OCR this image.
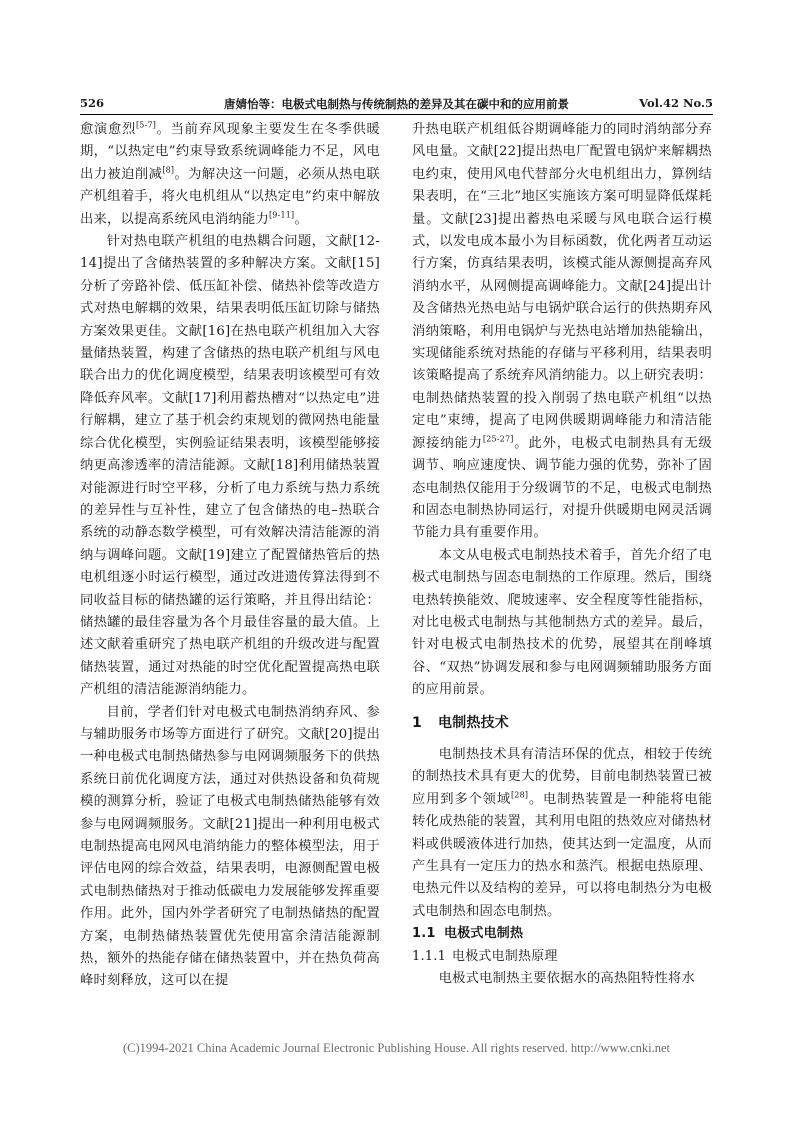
526	唐婧怡等：电极式电制热与传统制热的差异及其在碳中和的应用前景	Vol.42 No.5

愈演愈烈[5-7]。当前弃风现象主要发生在冬季供暖期，“以热定电”约束导致系统调峰能力不足，风电出力被迫削减[8]。为解决这一问题，必须从热电联产机组着手，将火电机组从“以热定电”约束中解放出来，以提高系统风电消纳能力[9-11]。

针对热电联产机组的电热耦合问题，文献[12-14]提出了含储热装置的多种解决方案。文献[15]分析了旁路补偿、低压缸补偿、储热补偿等改造方式对热电解耦的效果，结果表明低压缸切除与储热方案效果更佳。文献[16]在热电联产机组加入大容量储热装置，构建了含储热的热电联产机组与风电联合出力的优化调度模型，结果表明该模型可有效降低弃风率。文献[17]利用蓄热槽对“以热定电”进行解耦，建立了基于机会约束规划的微网热电能量综合优化模型，实例验证结果表明，该模型能够接纳更高渗透率的清洁能源。文献[18]利用储热装置对能源进行时空平移，分析了电力系统与热力系统的差异性与互补性，建立了包含储热的电–热联合系统的动静态数学模型，可有效解决清洁能源的消纳与调峰问题。文献[19]建立了配置储热管后的热电机组逐小时运行模型，通过改进遗传算法得到不同收益目标的储热罐的运行策略，并且得出结论：储热罐的最佳容量为各个月最佳容量的最大值。上述文献着重研究了热电联产机组的升级改进与配置储热装置，通过对热能的时空优化配置提高热电联产机组的清洁能源消纳能力。

目前，学者们针对电极式电制热消纳弃风、参与辅助服务市场等方面进行了研究。文献[20]提出一种电极式电制热储热参与电网调频服务下的供热系统日前优化调度方法，通过对供热设备和负荷规模的测算分析，验证了电极式电制热储热能够有效参与电网调频服务。文献[21]提出一种利用电极式电制热提高电网风电消纳能力的整体模型法，用于评估电网的综合效益，结果表明，电源侧配置电极式电制热储热对于推动低碳电力发展能够发挥重要作用。此外，国内外学者研究了电制热储热的配置方案，电制热储热装置优先使用富余清洁能源制热，额外的热能存储在储热装置中，并在热负荷高峰时刻释放，这可以在提

升热电联产机组低谷期调峰能力的同时消纳部分弃风电量。文献[22]提出热电厂配置电锅炉来解耦热电约束，使用风电代替部分火电机组出力，算例结果表明，在“三北”地区实施该方案可明显降低煤耗量。文献[23]提出蓄热电采暖与风电联合运行模式，以发电成本最小为目标函数，优化两者互动运行方案，仿真结果表明，该模式能从源侧提高弃风消纳水平，从网侧提高调峰能力。文献[24]提出计及含储热光热电站与电锅炉联合运行的供热期弃风消纳策略，利用电锅炉与光热电站增加热能输出，实现储能系统对热能的存储与平移利用，结果表明该策略提高了系统弃风消纳能力。以上研究表明：电制热储热装置的投入削弱了热电联产机组“以热定电”束缚，提高了电网供暖期调峰能力和清洁能源接纳能力[25-27]。此外，电极式电制热具有无级调节、响应速度快、调节能力强的优势，弥补了固态电制热仅能用于分级调节的不足，电极式电制热和固态电制热协同运行，对提升供暖期电网灵活调节能力具有重要作用。

本文从电极式电制热技术着手，首先介绍了电极式电制热与固态电制热的工作原理。然后，围绕电热转换能效、爬坡速率、安全程度等性能指标，对比电极式电制热与其他制热方式的差异。最后，针对电极式电制热技术的优势，展望其在削峰填谷、“双热”协调发展和参与电网调频辅助服务方面的应用前景。

1 电制热技术

电制热技术具有清洁环保的优点，相较于传统的制热技术具有更大的优势，目前电制热装置已被应用到多个领域[28]。电制热装置是一种能将电能转化成热能的装置，其利用电阻的热效应对储热材料或供暖液体进行加热，使其达到一定温度，从而产生具有一定压力的热水和蒸汽。根据电热原理、电热元件以及结构的差异，可以将电制热分为电极式电制热和固态电制热。

1.1 电极式电制热
1.1.1 电极式电制热原理

电极式电制热主要依据水的高热阻特性将水

(C)1994-2021 China Academic Journal Electronic Publishing House. All rights reserved. http://www.cnki.net
